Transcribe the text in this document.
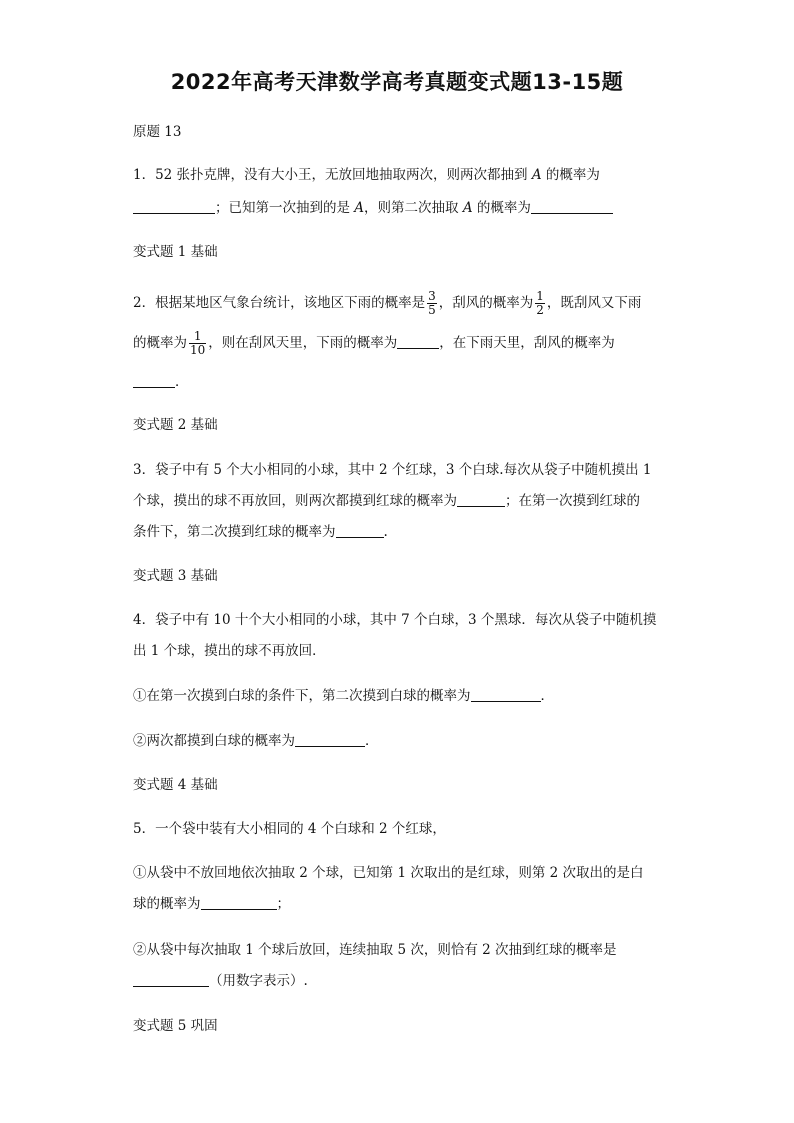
2022年高考天津数学高考真题变式题13-15题
原题 13
1．52 张扑克牌，没有大小王，无放回地抽取两次，则两次都抽到 A 的概率为
；已知第一次抽到的是 A，则第二次抽取 A 的概率为
变式题 1 基础
2．根据某地区气象台统计，该地区下雨的概率是 $\frac{3}{5}$ ，刮风的概率为 $\frac{1}{2}$ ，既刮风又下雨
的概率为 $\frac{1}{10}$ ，则在刮风天里，下雨的概率为	，在下雨天里，刮风的概率为
．
变式题 2 基础
3．袋子中有 5 个大小相同的小球，其中 2 个红球，3 个白球.每次从袋子中随机摸出 1
个球，摸出的球不再放回，则两次都摸到红球的概率为	；在第一次摸到红球的
条件下，第二次摸到红球的概率为	.
变式题 3 基础
4．袋子中有 10 十个大小相同的小球，其中 7 个白球，3 个黑球．每次从袋子中随机摸
出 1 个球，摸出的球不再放回．
①在第一次摸到白球的条件下，第二次摸到白球的概率为	．
②两次都摸到白球的概率为	．
变式题 4 基础
5．一个袋中装有大小相同的 4 个白球和 2 个红球，
①从袋中不放回地依次抽取 2 个球，已知第 1 次取出的是红球，则第 2 次取出的是白
球的概率为	；
②从袋中每次抽取 1 个球后放回，连续抽取 5 次，则恰有 2 次抽到红球的概率是
（用数字表示）.
变式题 5 巩固
